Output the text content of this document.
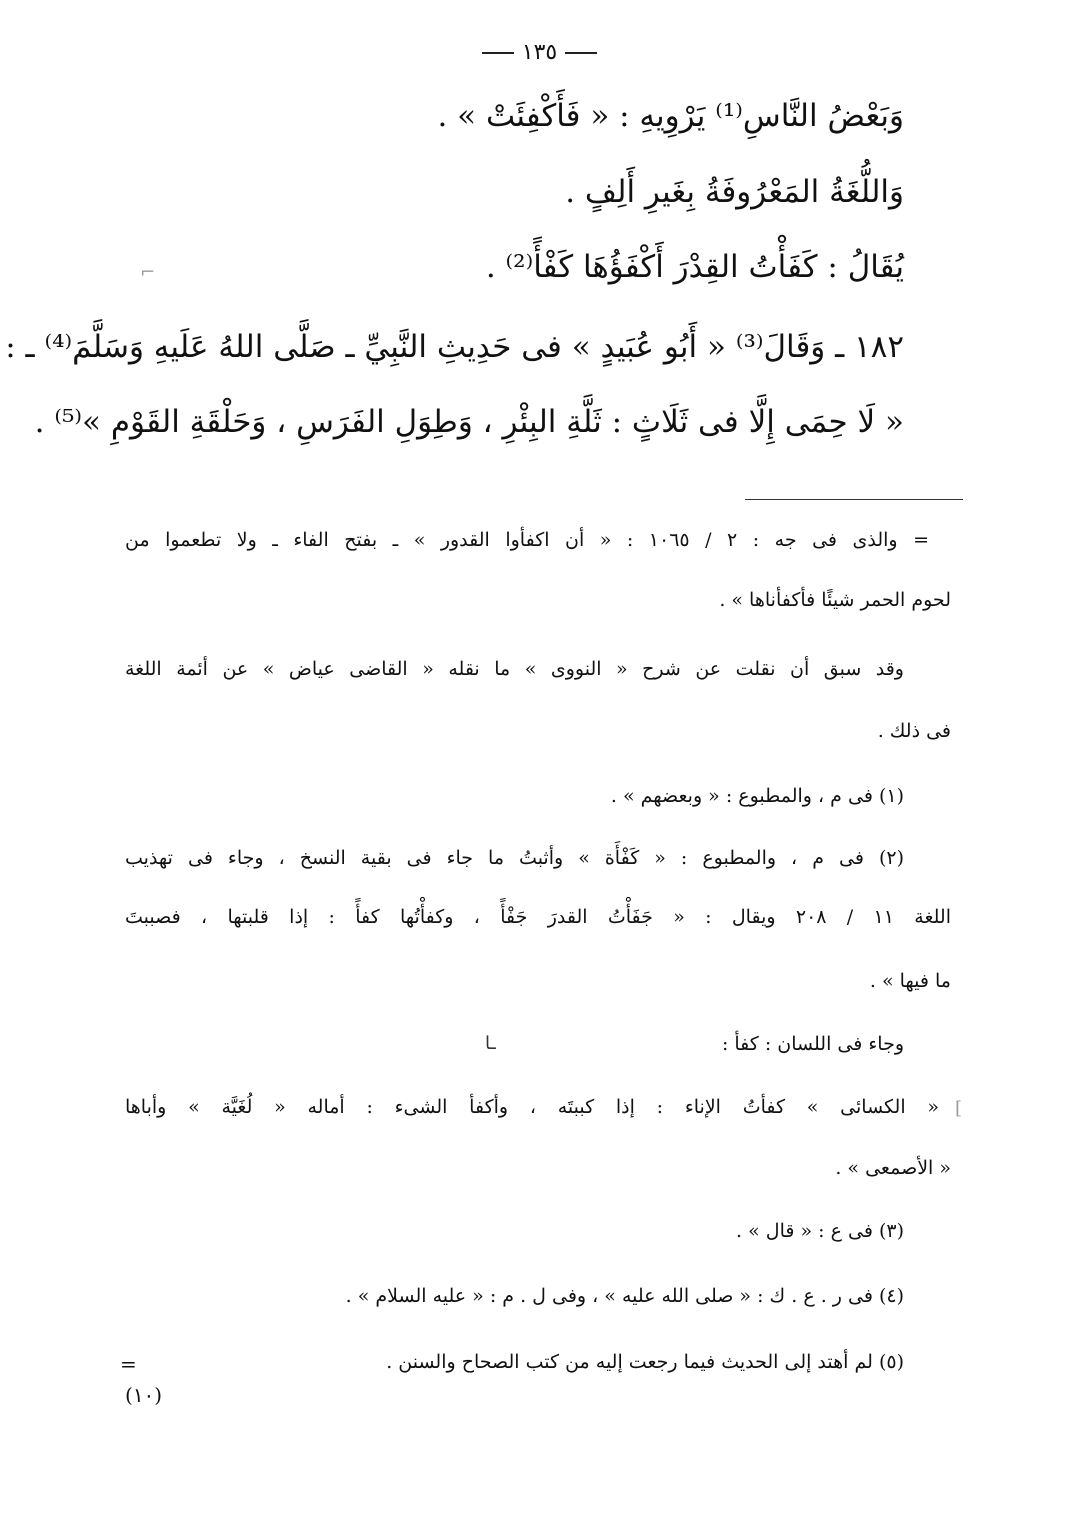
١٣٥
وَبَعْضُ النَّاسِ⁽¹⁾ يَرْوِيهِ : « فَأَكْفِئَتْ » .
وَاللُّغَةُ المَعْرُوفَةُ بِغَيرِ أَلِفٍ .
يُقَالُ : كَفَأْتُ القِدْرَ أَكْفَؤُهَا كَفْأً⁽²⁾ .
١٨٢ ـ وَقَالَ⁽³⁾ « أَبُو عُبَيدٍ » فى حَدِيثِ النَّبِيِّ ـ صَلَّى اللهُ عَلَيهِ وَسَلَّمَ⁽⁴⁾ ـ :
« لَا حِمَى إِلَّا فى ثَلَاثٍ : ثَلَّةِ البِئْرِ ، وَطِوَلِ الفَرَسِ ، وَحَلْقَةِ القَوْمِ »⁽⁵⁾ .
= والذى فى جه : ٢ / ١٠٦٥ : « أن اكفأوا القدور » ـ بفتح الفاء ـ ولا تطعموا من
لحوم الحمر شيئًا فأكفأناها » .
وقد سبق أن نقلت عن شرح « النووى » ما نقله « القاضى عياض » عن أئمة اللغة
فى ذلك .
(١) فى م ، والمطبوع : « وبعضهم » .
(٢) فى م ، والمطبوع : « كَفْأَة » وأثبتُ ما جاء فى بقية النسخ ، وجاء فى تهذيب
اللغة ١١ / ٢٠٨ ويقال : « جَفَأْتُ القدرَ جَفْأً ، وكفأْتُها كفأً : إذا قلبتها ، فصببتَ
ما فيها » .
وجاء فى اللسان : كفأ :
« الكسائى » كفأتُ الإناء : إذا كببتَه ، وأكفأ الشىء : أماله « لُغَيَّة » وأباها
« الأصمعى » .
(٣) فى ع : « قال » .
(٤) فى ر . ع . ك : « صلى الله عليه » ، وفى ل . م : « عليه السلام » .
(٥) لم أهتد إلى الحديث فيما رجعت إليه من كتب الصحاح والسنن .
=
(١٠)
⌐
ـا
[
